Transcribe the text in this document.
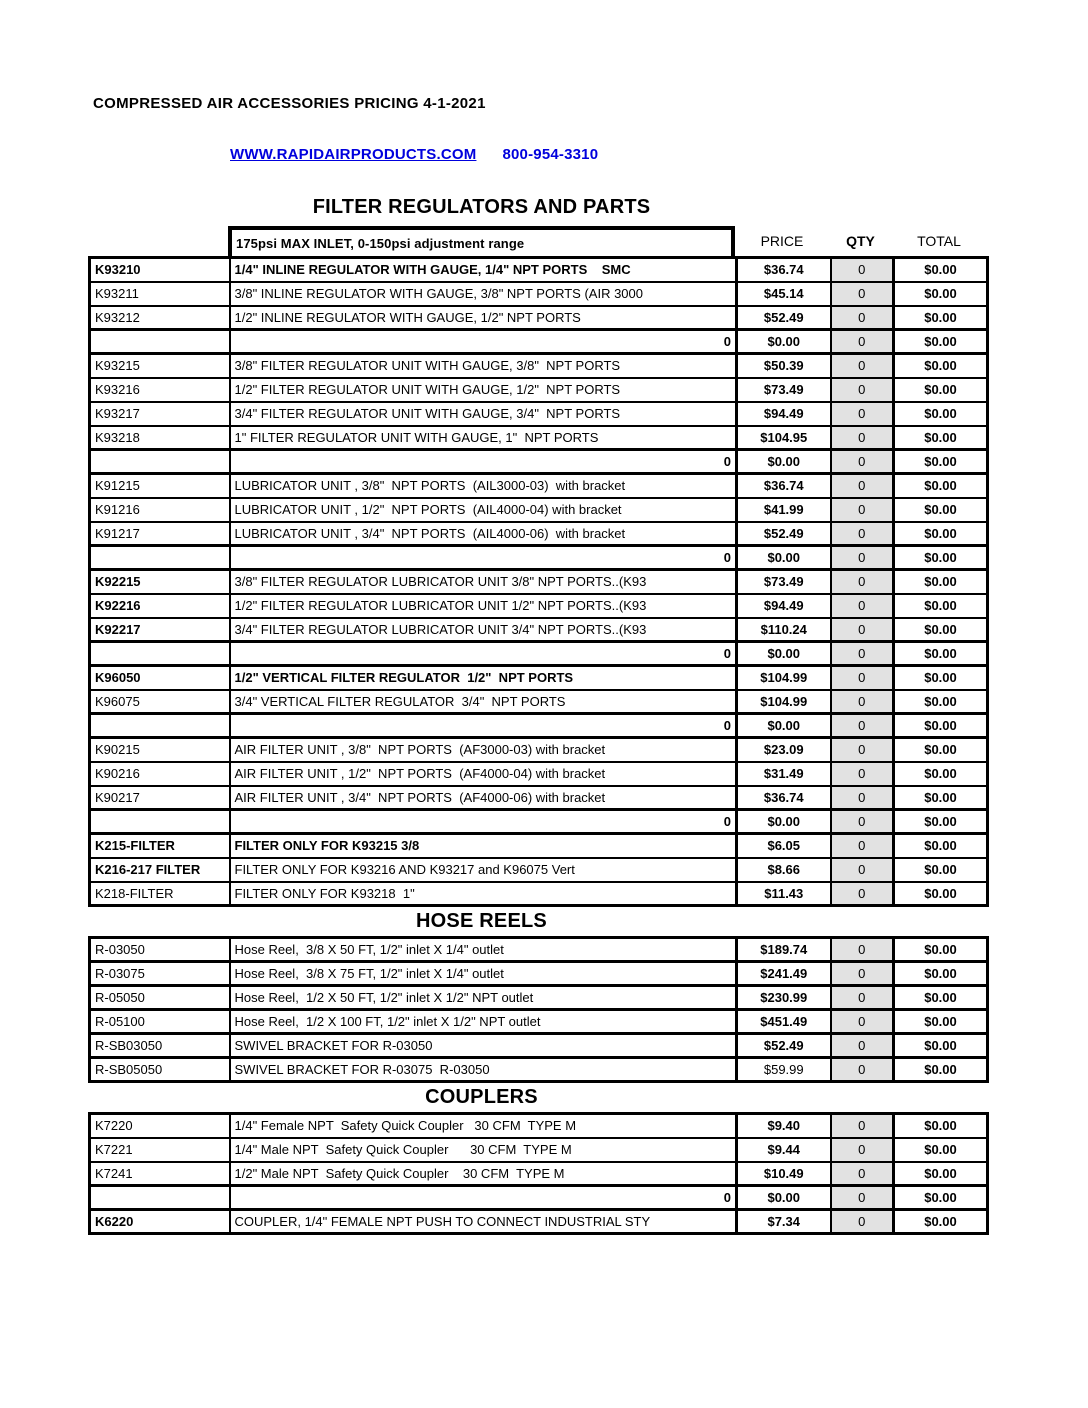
COMPRESSED AIR ACCESSORIES PRICING 4-1-2021
WWW.RAPIDAIRPRODUCTS.COM 800-954-3310
FILTER REGULATORS AND PARTS
175psi MAX INLET, 0-150psi adjustment range	PRICE	QTY	TOTAL
K93210	1/4" INLINE REGULATOR WITH GAUGE, 1/4" NPT PORTS    SMC	$36.74	0	$0.00
K93211	3/8" INLINE REGULATOR WITH GAUGE, 3/8" NPT PORTS (AIR 3000	$45.14	0	$0.00
K93212	1/2" INLINE REGULATOR WITH GAUGE, 1/2" NPT PORTS	$52.49	0	$0.00
	0	$0.00	0	$0.00
K93215	3/8" FILTER REGULATOR UNIT WITH GAUGE, 3/8"  NPT PORTS	$50.39	0	$0.00
K93216	1/2" FILTER REGULATOR UNIT WITH GAUGE, 1/2"  NPT PORTS	$73.49	0	$0.00
K93217	3/4" FILTER REGULATOR UNIT WITH GAUGE, 3/4"  NPT PORTS	$94.49	0	$0.00
K93218	1" FILTER REGULATOR UNIT WITH GAUGE, 1"  NPT PORTS	$104.95	0	$0.00
	0	$0.00	0	$0.00
K91215	LUBRICATOR UNIT , 3/8"  NPT PORTS  (AIL3000-03)  with bracket	$36.74	0	$0.00
K91216	LUBRICATOR UNIT , 1/2"  NPT PORTS  (AIL4000-04) with bracket	$41.99	0	$0.00
K91217	LUBRICATOR UNIT , 3/4"  NPT PORTS  (AIL4000-06)  with bracket	$52.49	0	$0.00
	0	$0.00	0	$0.00
K92215	3/8" FILTER REGULATOR LUBRICATOR UNIT 3/8" NPT PORTS..(K93	$73.49	0	$0.00
K92216	1/2" FILTER REGULATOR LUBRICATOR UNIT 1/2" NPT PORTS..(K93	$94.49	0	$0.00
K92217	3/4" FILTER REGULATOR LUBRICATOR UNIT 3/4" NPT PORTS..(K93	$110.24	0	$0.00
	0	$0.00	0	$0.00
K96050	1/2" VERTICAL FILTER REGULATOR  1/2"  NPT PORTS	$104.99	0	$0.00
K96075	3/4" VERTICAL FILTER REGULATOR  3/4"  NPT PORTS	$104.99	0	$0.00
	0	$0.00	0	$0.00
K90215	AIR FILTER UNIT , 3/8"  NPT PORTS  (AF3000-03) with bracket	$23.09	0	$0.00
K90216	AIR FILTER UNIT , 1/2"  NPT PORTS  (AF4000-04) with bracket	$31.49	0	$0.00
K90217	AIR FILTER UNIT , 3/4"  NPT PORTS  (AF4000-06) with bracket	$36.74	0	$0.00
	0	$0.00	0	$0.00
K215-FILTER	FILTER ONLY FOR K93215 3/8	$6.05	0	$0.00
K216-217 FILTER	FILTER ONLY FOR K93216 AND K93217 and K96075 Vert	$8.66	0	$0.00
K218-FILTER	FILTER ONLY FOR K93218  1"	$11.43	0	$0.00
HOSE REELS
R-03050	Hose Reel,  3/8 X 50 FT, 1/2" inlet X 1/4" outlet	$189.74	0	$0.00
R-03075	Hose Reel,  3/8 X 75 FT, 1/2" inlet X 1/4" outlet	$241.49	0	$0.00
R-05050	Hose Reel,  1/2 X 50 FT, 1/2" inlet X 1/2" NPT outlet	$230.99	0	$0.00
R-05100	Hose Reel,  1/2 X 100 FT, 1/2" inlet X 1/2" NPT outlet	$451.49	0	$0.00
R-SB03050	SWIVEL BRACKET FOR R-03050	$52.49	0	$0.00
R-SB05050	SWIVEL BRACKET FOR R-03075  R-03050	$59.99	0	$0.00
COUPLERS
K7220	1/4" Female NPT  Safety Quick Coupler   30 CFM  TYPE M	$9.40	0	$0.00
K7221	1/4" Male NPT  Safety Quick Coupler      30 CFM  TYPE M	$9.44	0	$0.00
K7241	1/2" Male NPT  Safety Quick Coupler    30 CFM  TYPE M	$10.49	0	$0.00
	0	$0.00	0	$0.00
K6220	COUPLER, 1/4" FEMALE NPT PUSH TO CONNECT INDUSTRIAL STY	$7.34	0	$0.00
